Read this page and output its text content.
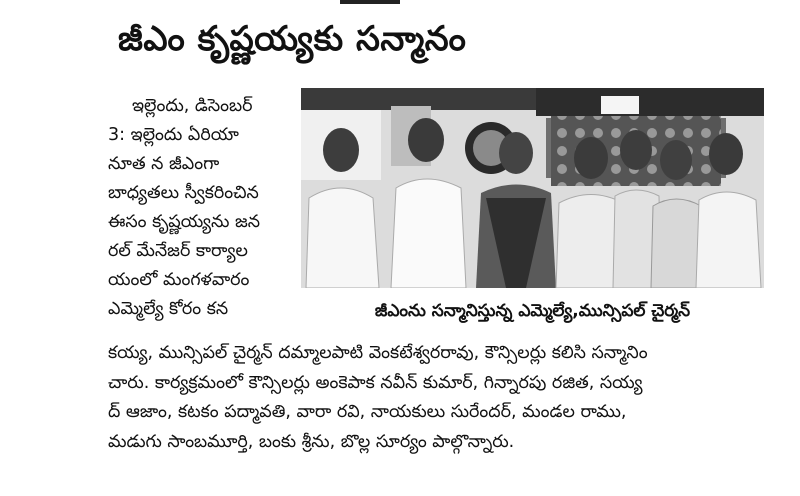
జీఎం కృష్ణయ్యకు సన్మానం
ఇల్లెందు, డిసెంబర్
3: ఇల్లెందు ఏరియా
నూత న జీఎంగా
బాధ్యతలు స్వీకరించిన
ఈసం కృష్ణయ్యను జన
రల్ మేనేజర్ కార్యాల
యంలో మంగళవారం
ఎమ్మెల్యే కోరం కన	జీఎంను సన్మానిస్తున్న ఎమ్మెల్యే,మున్సిపల్ చైర్మన్
కయ్య, మున్సిపల్ చైర్మన్ దమ్మాలపాటి వెంకటేశ్వరరావు, కౌన్సిలర్లు కలిసి సన్మానిం
చారు. కార్యక్రమంలో కౌన్సిలర్లు అంకెపాక నవీన్ కుమార్, గిన్నారపు రజిత, సయ్య
ద్ ఆజాం, కటకం పద్మావతి, వారా రవి, నాయకులు సురేందర్, మండల రాము,
మడుగు సాంబమూర్తి, బంకు శ్రీను, బొల్ల సూర్యం పాల్గొన్నారు.
